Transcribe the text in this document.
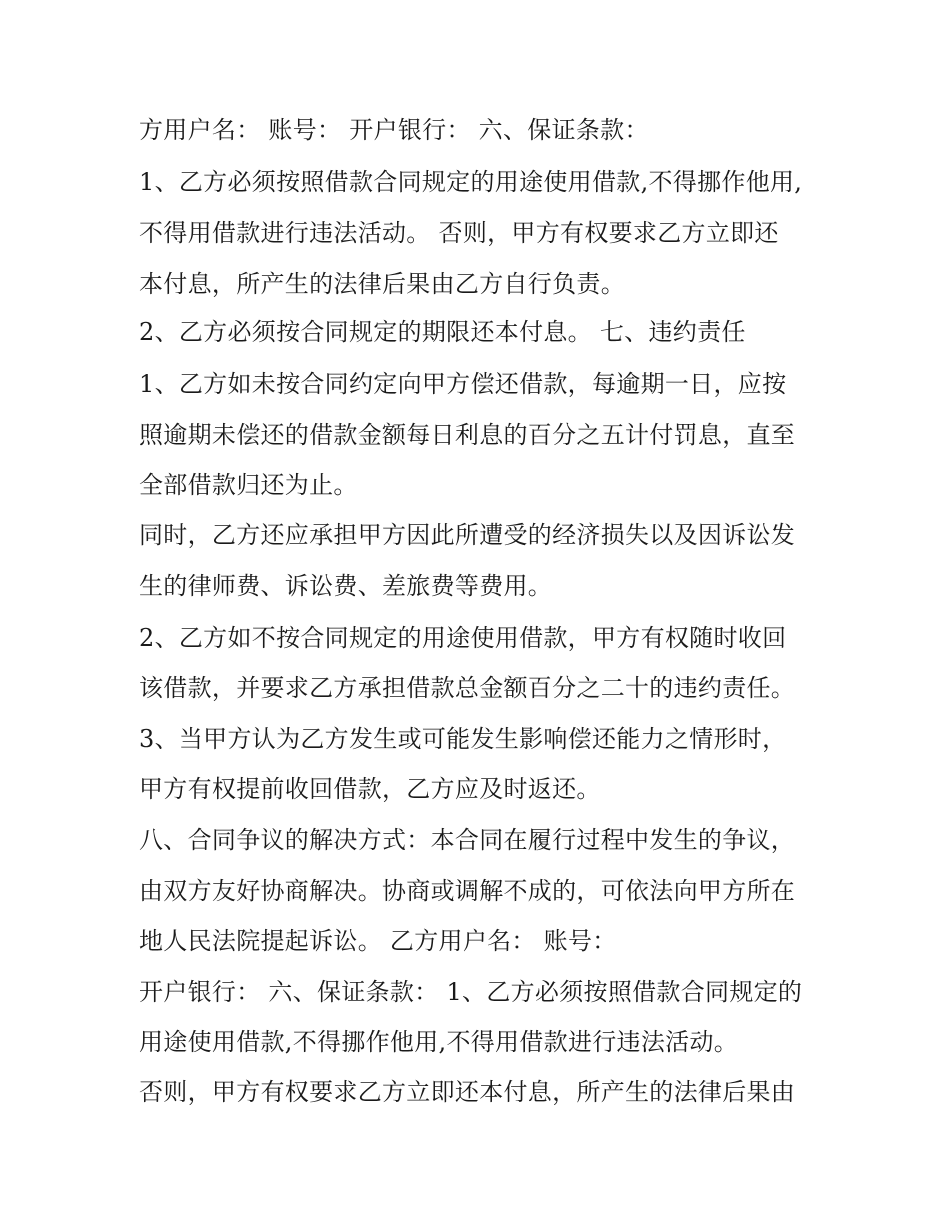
方用户名： 账号： 开户银行： 六、保证条款：
1、乙方必须按照借款合同规定的用途使用借款,不得挪作他用,
不得用借款进行违法活动。 否则，甲方有权要求乙方立即还
本付息，所产生的法律后果由乙方自行负责。
2、乙方必须按合同规定的期限还本付息。 七、违约责任
1、乙方如未按合同约定向甲方偿还借款，每逾期一日，应按
照逾期未偿还的借款金额每日利息的百分之五计付罚息，直至
全部借款归还为止。
同时，乙方还应承担甲方因此所遭受的经济损失以及因诉讼发
生的律师费、诉讼费、差旅费等费用。
2、乙方如不按合同规定的用途使用借款，甲方有权随时收回
该借款，并要求乙方承担借款总金额百分之二十的违约责任。
3、当甲方认为乙方发生或可能发生影响偿还能力之情形时，
甲方有权提前收回借款，乙方应及时返还。
八、合同争议的解决方式：本合同在履行过程中发生的争议，
由双方友好协商解决。协商或调解不成的，可依法向甲方所在
地人民法院提起诉讼。 乙方用户名： 账号：
开户银行： 六、保证条款： 1、乙方必须按照借款合同规定的
用途使用借款,不得挪作他用,不得用借款进行违法活动。
否则，甲方有权要求乙方立即还本付息，所产生的法律后果由
